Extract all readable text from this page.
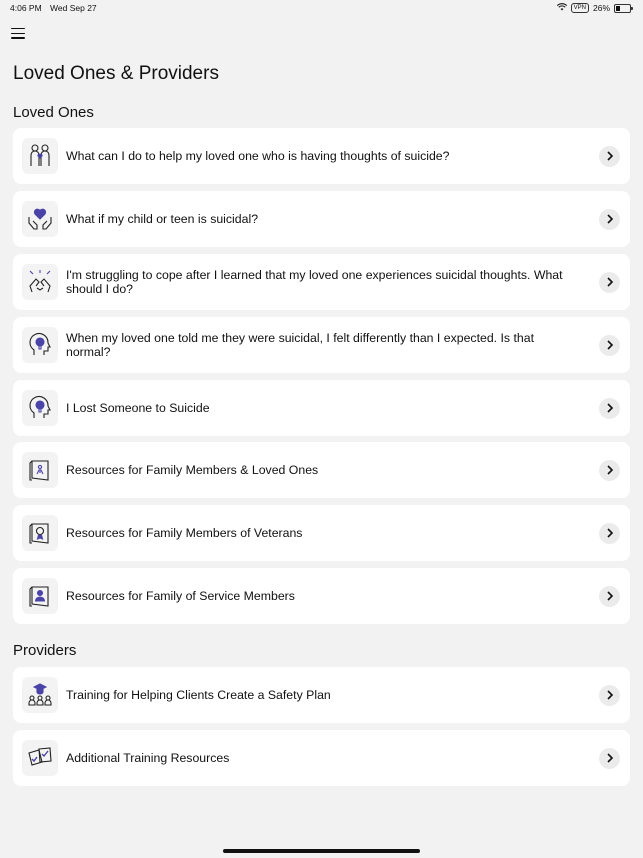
4:06 PM Wed Sep 27	VPN 26%
Loved Ones & Providers
Loved Ones
What can I do to help my loved one who is having thoughts of suicide?
What if my child or teen is suicidal?
I'm struggling to cope after I learned that my loved one experiences suicidal thoughts. What should I do?
When my loved one told me they were suicidal, I felt differently than I expected. Is that normal?
I Lost Someone to Suicide
Resources for Family Members & Loved Ones
Resources for Family Members of Veterans
Resources for Family of Service Members
Providers
Training for Helping Clients Create a Safety Plan
Additional Training Resources
